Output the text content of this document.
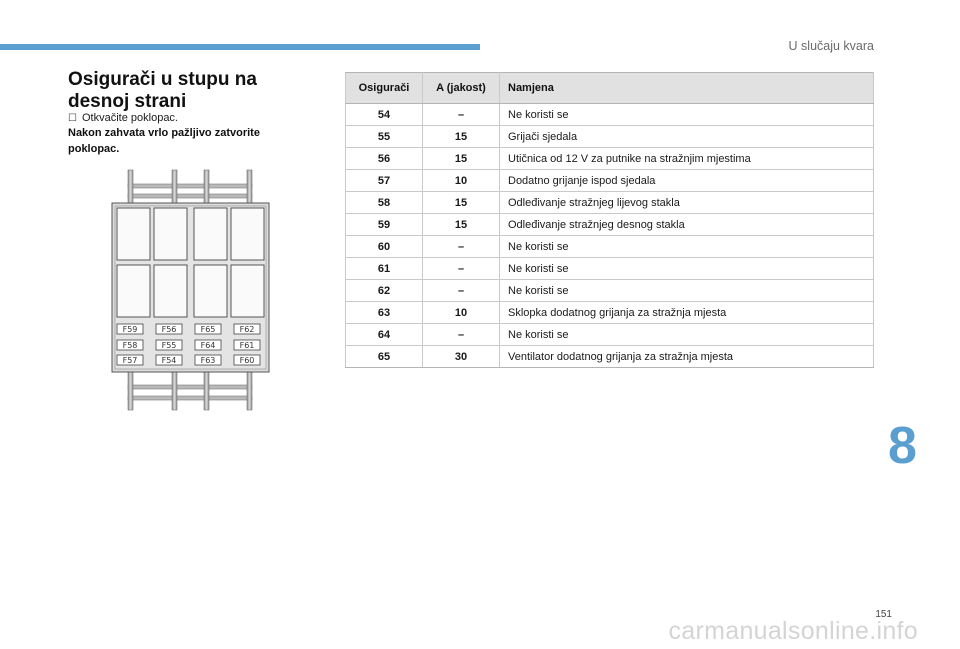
U slučaju kvara
Osigurači u stupu na desnoj strani
☐ Otkvačite poklopac.
Nakon zahvata vrlo pažljivo zatvorite poklopac.
F59	F56	F65	F62
F58	F55	F64	F61
F57	F54	F63	F60
Osigurači	A (jakost)	Namjena
54	–	Ne koristi se
55	15	Grijači sjedala
56	15	Utičnica od 12 V za putnike na stražnjim mjestima
57	10	Dodatno grijanje ispod sjedala
58	15	Odleđivanje stražnjeg lijevog stakla
59	15	Odleđivanje stražnjeg desnog stakla
60	–	Ne koristi se
61	–	Ne koristi se
62	–	Ne koristi se
63	10	Sklopka dodatnog grijanja za stražnja mjesta
64	–	Ne koristi se
65	30	Ventilator dodatnog grijanja za stražnja mjesta
8
151
carmanualsonline.info
